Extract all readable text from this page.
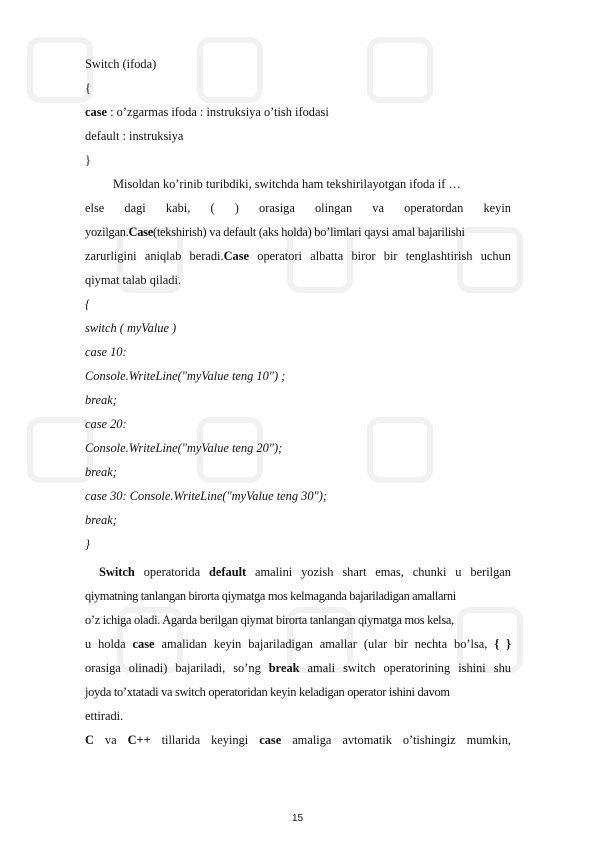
Switch (ifoda)
{
case : o’zgarmas ifoda : instruksiya o’tish ifodasi
default : instruksiya
}
Misoldan ko’rinib turibdiki, switchda ham tekshirilayotgan ifoda if …
else dagi kabi, ( ) orasiga olingan va operatordan keyin
yozilgan.Case(tekshirish) va default (aks holda) bo’limlari qaysi amal bajarilishi
zarurligini aniqlab beradi.Case operatori albatta biror bir tenglashtirish uchun
qiymat talab qiladi.
{
switch ( myValue )
case 10:
Console.WriteLine("myValue teng 10") ;
break;
case 20:
Console.WriteLine("myValue teng 20");
break;
case 30: Console.WriteLine("myValue teng 30");
break;
}
Switch operatorida default amalini yozish shart emas, chunki u berilgan
qiymatning tanlangan birorta qiymatga mos kelmaganda bajariladigan amallarni
o’z ichiga oladi. Agarda berilgan qiymat birorta tanlangan qiymatga mos kelsa,
u holda case amalidan keyin bajariladigan amallar (ular bir nechta bo’lsa, { }
orasiga olinadi) bajariladi, so’ng break amali switch operatorining ishini shu
joyda to’xtatadi va switch operatoridan keyin keladigan operator ishini davom
ettiradi.
C va C++ tillarida keyingi case amaliga avtomatik o’tishingiz mumkin,
15
